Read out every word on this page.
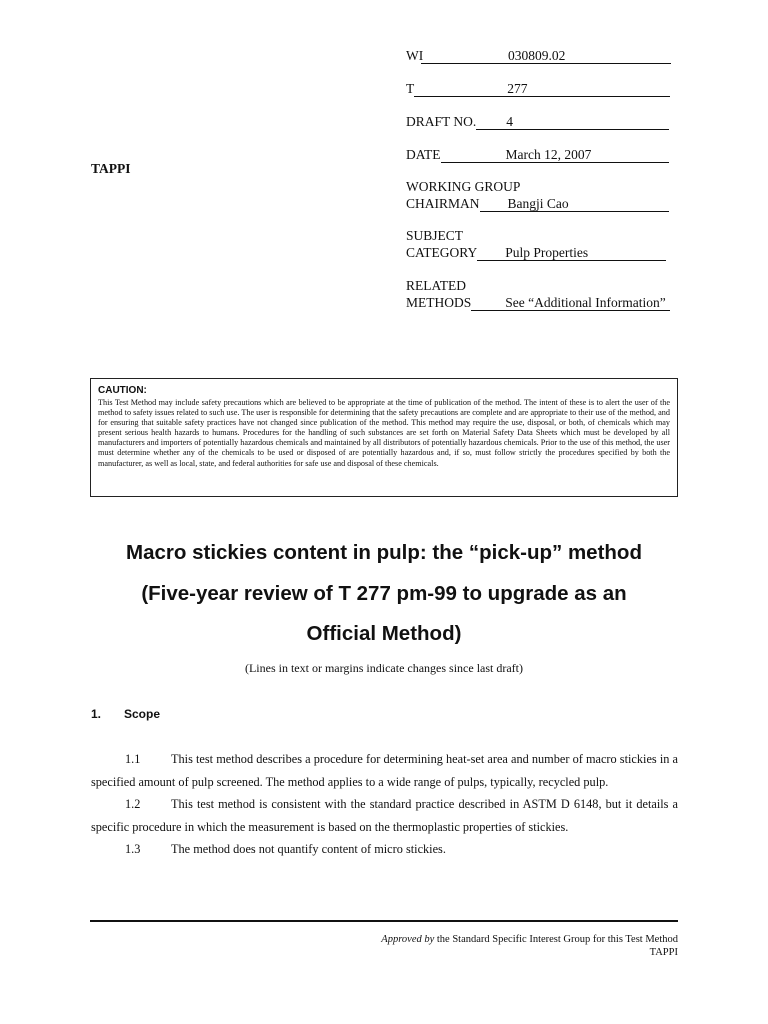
WI	030809.02
T	277
DRAFT NO.	4
DATE	March 12, 2007
WORKING GROUP
CHAIRMAN	Bangji Cao
SUBJECT
CATEGORY	Pulp Properties
RELATED
METHODS	See “Additional Information”
TAPPI
CAUTION:
This Test Method may include safety precautions which are believed to be appropriate at the time of publication of the method. The intent of these is to alert the user of the method to safety issues related to such use. The user is responsible for determining that the safety precautions are complete and are appropriate to their use of the method, and for ensuring that suitable safety practices have not changed since publication of the method. This method may require the use, disposal, or both, of chemicals which may present serious health hazards to humans. Procedures for the handling of such substances are set forth on Material Safety Data Sheets which must be developed by all manufacturers and importers of potentially hazardous chemicals and maintained by all distributors of potentially hazardous chemicals. Prior to the use of this method, the user must determine whether any of the chemicals to be used or disposed of are potentially hazardous and, if so, must follow strictly the procedures specified by both the manufacturer, as well as local, state, and federal authorities for safe use and disposal of these chemicals.
Macro stickies content in pulp: the “pick-up” method
(Five-year review of T 277 pm-99 to upgrade as an
Official Method)
(Lines in text or margins indicate changes since last draft)
1.	Scope
1.1 This test method describes a procedure for determining heat-set area and number of macro stickies in a specified amount of pulp screened. The method applies to a wide range of pulps, typically, recycled pulp.
1.2 This test method is consistent with the standard practice described in ASTM D 6148, but it details a specific procedure in which the measurement is based on the thermoplastic properties of stickies.
1.3 The method does not quantify content of micro stickies.
Approved by the Standard Specific Interest Group for this Test Method
TAPPI
